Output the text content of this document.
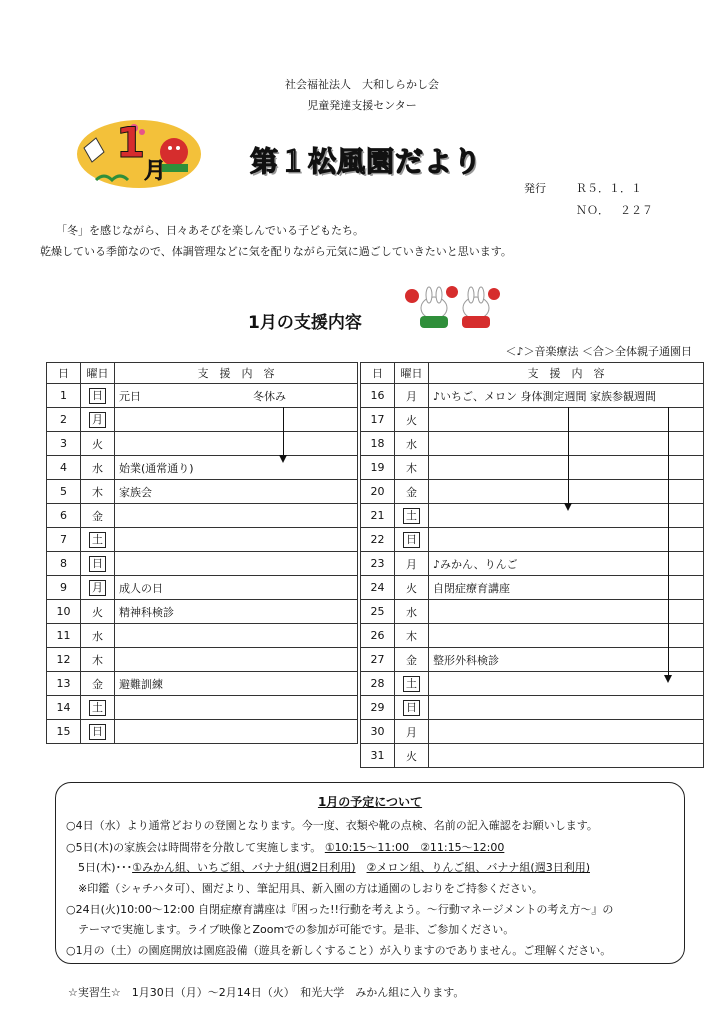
社会福祉法人　大和しらかし会
児童発達支援センター
1
月	第１松風園だより
発行	Ｒ５．１．１
ＮＯ． ２２７
「冬」を感じながら、日々あそびを楽しんでいる子どもたち。
乾燥している季節なので、体調管理などに気を配りながら元気に過ごしていきたいと思います。
1月の支援内容
＜♪＞音楽療法 ＜合＞全体親子通園日
日	曜日	支　援　内　容
1	日	元日 冬休み
2	月	
3	火	
4	水	始業(通常通り)
5	木	家族会
6	金	
7	土	
8	日	
9	月	成人の日
10	火	精神科検診
11	水	
12	木	
13	金	避難訓練
14	土	
15	日	
日	曜日	支　援　内　容
16	月	♪いちご、メロン 身体測定週間 家族参観週間
17	火	
18	水	
19	木	
20	金	
21	土	
22	日	
23	月	♪みかん、りんご
24	火	自閉症療育講座
25	水	
26	木	
27	金	整形外科検診
28	土	
29	日	
30	月	
31	火	
1月の予定について
○4日（水）より通常どおりの登園となります。今一度、衣類や靴の点検、名前の記入確認をお願いします。
○5日(木)の家族会は時間帯を分散して実施します。 ①10:15～11:00　②11:15～12:00
5日(木)･･･①みかん組、いちご組、バナナ組(週2日利用)　 ②メロン組、りんご組、バナナ組(週3日利用)
※印鑑（シャチハタ可）、園だより、筆記用具、新入園の方は通園のしおりをご持参ください。
○24日(火)10:00～12:00 自閉症療育講座は『困った!!行動を考えよう。～行動マネージメントの考え方～』の
テーマで実施します。ライブ映像とZoomでの参加が可能です。是非、ご参加ください。
○1月の（土）の園庭開放は園庭設備（遊具を新しくすること）が入りますのでありません。ご理解ください。
☆実習生☆　1月30日（月）～2月14日（火）　和光大学　みかん組に入ります。
